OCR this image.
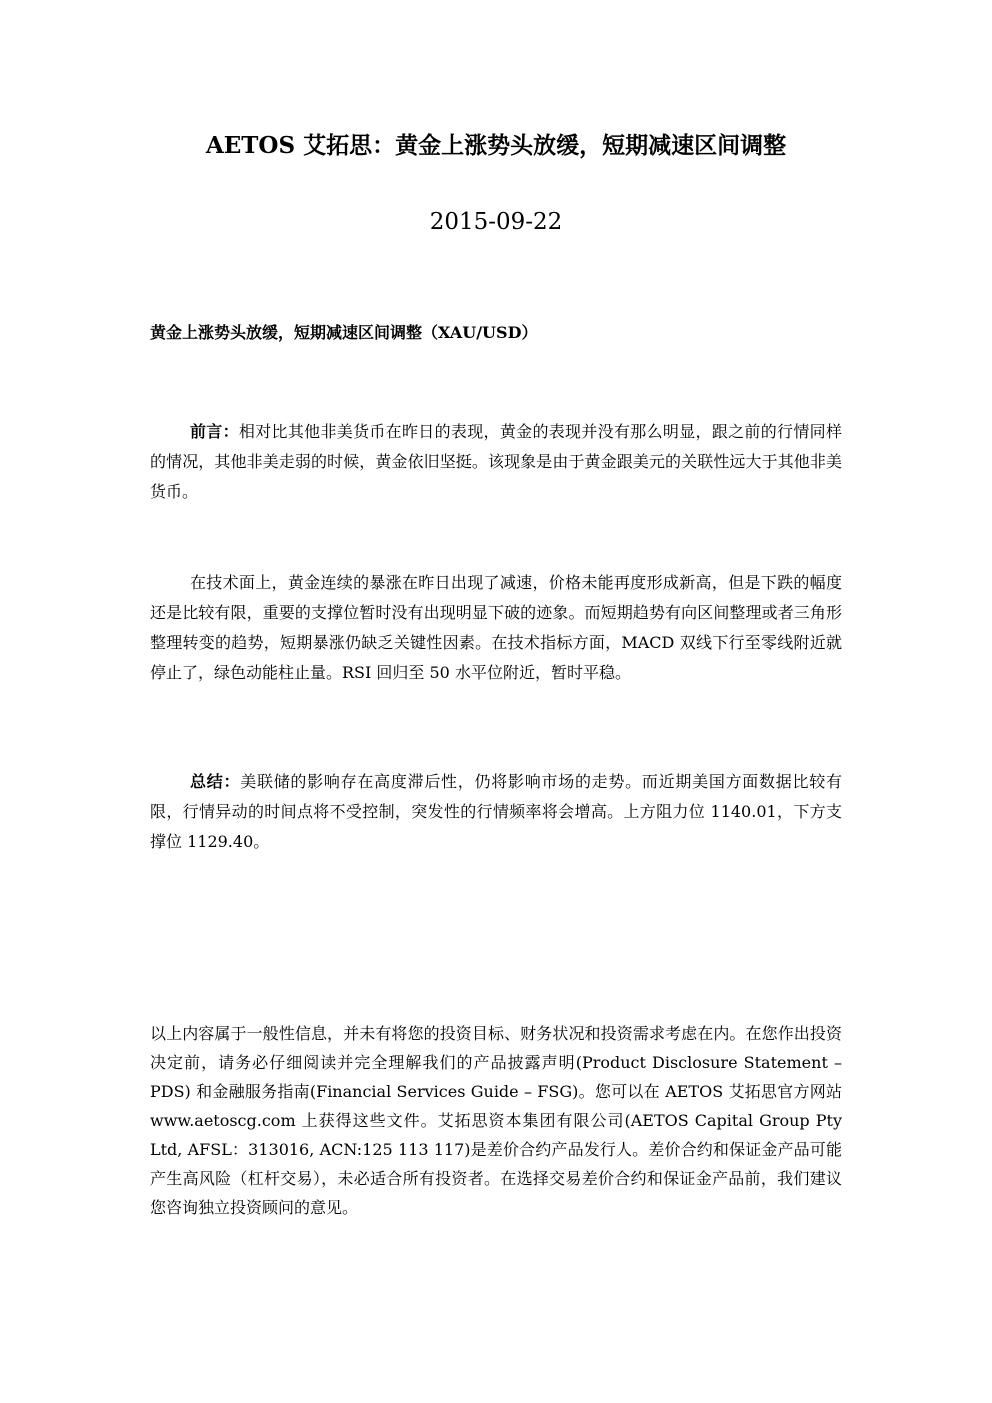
AETOS 艾拓思：黄金上涨势头放缓，短期减速区间调整
2015-09-22
黄金上涨势头放缓，短期减速区间调整（XAU/USD）
前言：相对比其他非美货币在昨日的表现，黄金的表现并没有那么明显，跟之前的行情同样的情况，其他非美走弱的时候，黄金依旧坚挺。该现象是由于黄金跟美元的关联性远大于其他非美货币。
在技术面上，黄金连续的暴涨在昨日出现了减速，价格未能再度形成新高，但是下跌的幅度还是比较有限，重要的支撑位暂时没有出现明显下破的迹象。而短期趋势有向区间整理或者三角形整理转变的趋势，短期暴涨仍缺乏关键性因素。在技术指标方面，MACD 双线下行至零线附近就停止了，绿色动能柱止量。RSI 回归至 50 水平位附近，暂时平稳。
总结：美联储的影响存在高度滞后性，仍将影响市场的走势。而近期美国方面数据比较有限，行情异动的时间点将不受控制，突发性的行情频率将会增高。上方阻力位 1140.01，下方支撑位 1129.40。
以上内容属于一般性信息，并未有将您的投资目标、财务状况和投资需求考虑在内。在您作出投资决定前，请务必仔细阅读并完全理解我们的产品披露声明(Product Disclosure Statement – PDS) 和金融服务指南(Financial Services Guide – FSG)。您可以在 AETOS 艾拓思官方网站 www.aetoscg.com 上获得这些文件。艾拓思资本集团有限公司(AETOS Capital Group Pty Ltd, AFSL：313016, ACN:125 113 117)是差价合约产品发行人。差价合约和保证金产品可能产生高风险（杠杆交易），未必适合所有投资者。在选择交易差价合约和保证金产品前，我们建议您咨询独立投资顾问的意见。
